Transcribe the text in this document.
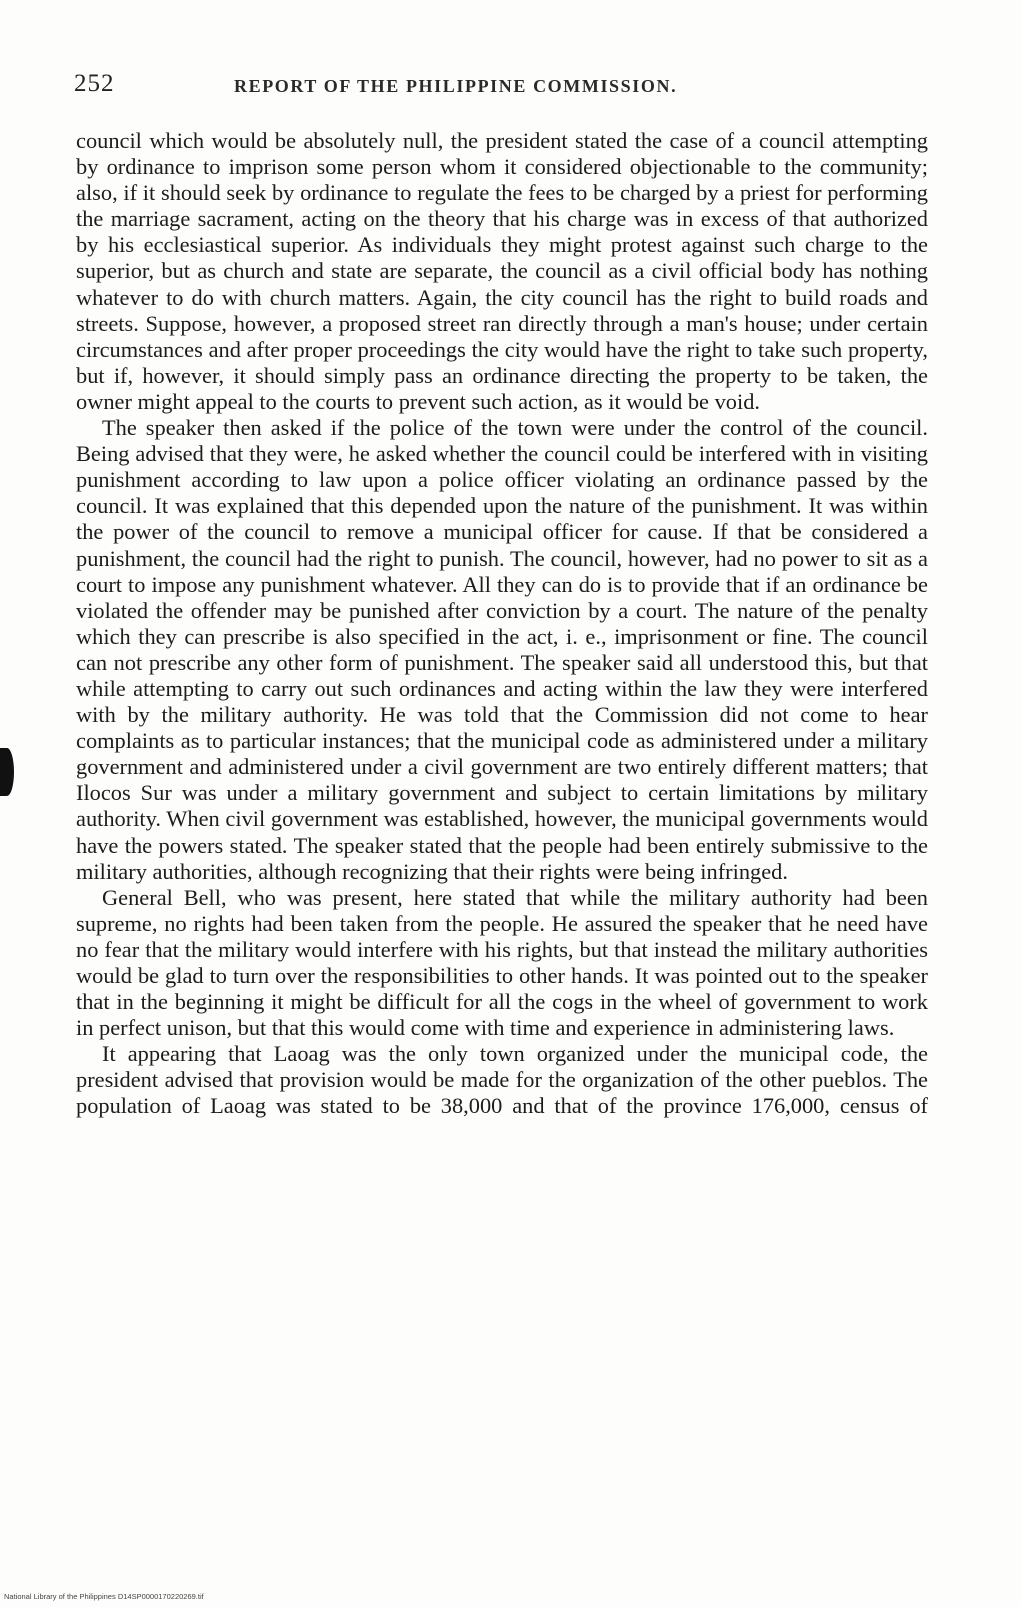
252	REPORT OF THE PHILIPPINE COMMISSION.

council which would be absolutely null, the president stated the case of a council attempting by ordinance to imprison some person whom it considered objectionable to the community; also, if it should seek by ordinance to regulate the fees to be charged by a priest for performing the marriage sacrament, acting on the theory that his charge was in excess of that authorized by his ecclesiastical superior. As individuals they might protest against such charge to the superior, but as church and state are separate, the council as a civil official body has nothing whatever to do with church matters. Again, the city council has the right to build roads and streets. Suppose, however, a proposed street ran directly through a man's house; under certain circumstances and after proper proceedings the city would have the right to take such property, but if, however, it should simply pass an ordinance directing the property to be taken, the owner might appeal to the courts to prevent such action, as it would be void.

The speaker then asked if the police of the town were under the control of the council. Being advised that they were, he asked whether the council could be interfered with in visiting punishment according to law upon a police officer violating an ordinance passed by the council. It was explained that this depended upon the nature of the punishment. It was within the power of the council to remove a municipal officer for cause. If that be considered a punishment, the council had the right to punish. The council, however, had no power to sit as a court to impose any punishment whatever. All they can do is to provide that if an ordinance be violated the offender may be punished after conviction by a court. The nature of the penalty which they can prescribe is also specified in the act, i. e., imprisonment or fine. The council can not prescribe any other form of punishment. The speaker said all understood this, but that while attempting to carry out such ordinances and acting within the law they were interfered with by the military authority. He was told that the Commission did not come to hear complaints as to particular instances; that the municipal code as administered under a military government and administered under a civil government are two entirely different matters; that Ilocos Sur was under a military government and subject to certain limitations by military authority. When civil government was established, however, the municipal governments would have the powers stated. The speaker stated that the people had been entirely submissive to the military authorities, although recognizing that their rights were being infringed.

General Bell, who was present, here stated that while the military authority had been supreme, no rights had been taken from the people. He assured the speaker that he need have no fear that the military would interfere with his rights, but that instead the military authorities would be glad to turn over the responsibilities to other hands. It was pointed out to the speaker that in the beginning it might be difficult for all the cogs in the wheel of government to work in perfect unison, but that this would come with time and experience in administering laws.

It appearing that Laoag was the only town organized under the municipal code, the president advised that provision would be made for the organization of the other pueblos. The population of Laoag was stated to be 38,000 and that of the province 176,000, census of

National Library of the Philippines D14SP0000170220269.tif
